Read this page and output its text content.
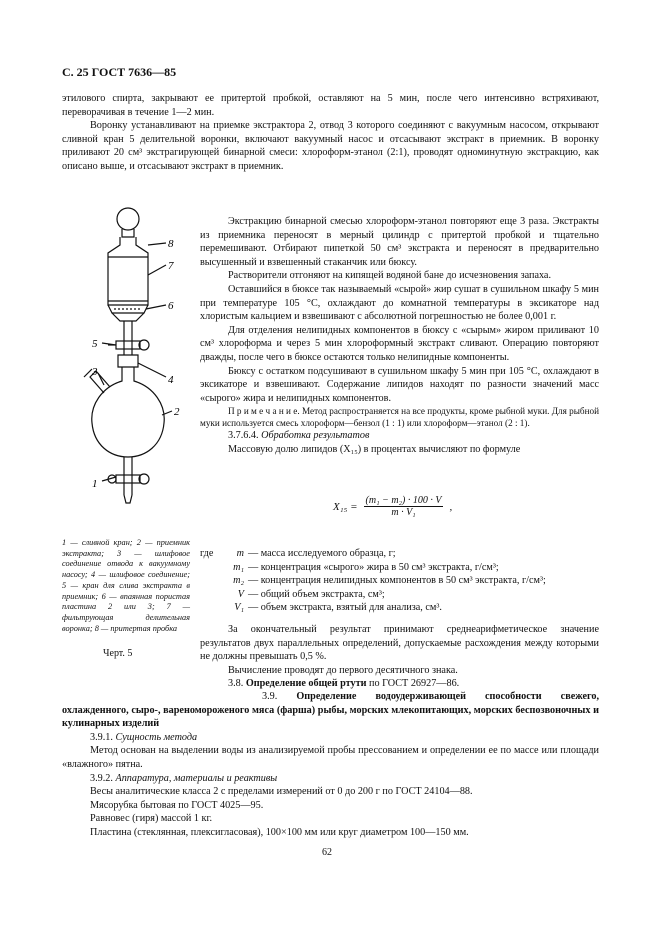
С. 25 ГОСТ 7636—85

этилового спирта, закрывают ее притертой пробкой, оставляют на 5 мин, после чего интенсивно встряхивают, переворачивая в течение 1—2 мин.

Воронку устанавливают на приемке экстрактора 2, отвод 3 которого соединяют с вакуумным насосом, открывают сливной кран 5 делительной воронки, включают вакуумный насос и отсасывают экстракт в приемник. В воронку приливают 20 см³ экстрагирующей бинарной смеси: хлороформ-этанол (2:1), проводят одноминутную экстракцию, как описано выше, и отсасывают экстракт в приемник.

8
7
6
5
3
4
2
1
1 — сливной кран; 2 — приемник экстракта; 3 — шлифовое соединение отвода к вакуумному насосу; 4 — шлифовое соединение; 5 — кран для слива экстракта в приемник; 6 — впаянная пористая пластина 2 или 3; 7 — фильтрующая делительная воронка; 8 — притертая пробка
Черт. 5

Экстракцию бинарной смесью хлороформ-этанол повторяют еще 3 раза. Экстракты из приемника переносят в мерный цилиндр с притертой пробкой и тщательно перемешивают. Отбирают пипеткой 50 см³ экстракта и переносят в предварительно высушенный и взвешенный стаканчик или бюксу.

Растворители отгоняют на кипящей водяной бане до исчезновения запаха.

Оставшийся в бюксе так называемый «сырой» жир сушат в сушильном шкафу 5 мин при температуре 105 °С, охлаждают до комнатной температуры в эксикаторе над хлористым кальцием и взвешивают с абсолютной погрешностью не более 0,001 г.

Для отделения нелипидных компонентов в бюксу с «сырым» жиром приливают 10 см³ хлороформа и через 5 мин хлороформный экстракт сливают. Операцию повторяют дважды, после чего в бюксе остаются только нелипидные компоненты.

Бюксу с остатком подсушивают в сушильном шкафу 5 мин при 105 °С, охлаждают в эксикаторе и взвешивают. Содержание липидов находят по разности значений масс «сырого» жира и нелипидных компонентов.

П р и м е ч а н и е. Метод распространяется на все продукты, кроме рыбной муки. Для рыбной муки используется смесь хлороформ—бензол (1 : 1) или хлороформ—этанол (2 : 1).

3.7.6.4. Обработка результатов

Массовую долю липидов (X₁₅) в процентах вычисляют по формуле

$X_{15} = \frac{\text{(m₁ − m₂) · 100 · V}}{\text{m · V₁}}$ ,
где	m — масса исследуемого образца, г;
m₁ — концентрация «сырого» жира в 50 см³ экстракта, г/см³;
m₂ — концентрация нелипидных компонентов в 50 см³ экстракта, г/см³;
V — общий объем экстракта, см³;
V₁ — объем экстракта, взятый для анализа, см³.

За окончательный результат принимают среднеарифметическое значение результатов двух параллельных определений, допускаемые расхождения между которыми не должны превышать 0,5 %.

Вычисление проводят до первого десятичного знака.

3.8. Определение общей ртути по ГОСТ 26927—86.

3.9. Определение водоудерживающей способности свежего, охлажденного, сыро-, вареномороженого мяса (фарша) рыбы, морских млекопитающих, морских беспозвоночных и кулинарных изделий

3.9.1. Сущность метода

Метод основан на выделении воды из анализируемой пробы прессованием и определении ее по массе или площади «влажного» пятна.

3.9.2. Аппаратура, материалы и реактивы

Весы аналитические класса 2 с пределами измерений от 0 до 200 г по ГОСТ 24104—88.

Мясорубка бытовая по ГОСТ 4025—95.

Равновес (гиря) массой 1 кг.

Пластина (стеклянная, плексигласовая), 100×100 мм или круг диаметром 100—150 мм.

62
